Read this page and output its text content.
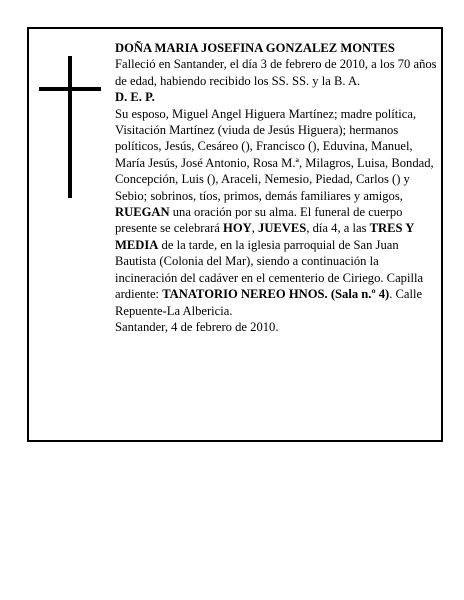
DOÑA MARIA JOSEFINA GONZALEZ MONTES

Falleció en Santander, el día 3 de febrero de 2010, a los 70 años de edad, habiendo recibido los SS. SS. y la B. A.

D. E. P.

Su esposo, Miguel Angel Higuera Martínez; madre política, Visitación Martínez (viuda de Jesús Higuera); hermanos políticos, Jesús, Cesáreo (), Francisco (), Eduvina, Manuel, María Jesús, José Antonio, Rosa M.ª, Milagros, Luisa, Bondad, Concepción, Luis (), Araceli, Nemesio, Piedad, Carlos () y Sebio; sobrinos, tíos, primos, demás familiares y amigos,

RUEGAN una oración por su alma. El funeral de cuerpo presente se celebrará HOY, JUEVES, día 4, a las TRES Y MEDIA de la tarde, en la iglesia parroquial de San Juan Bautista (Colonia del Mar), siendo a continuación la incineración del cadáver en el cementerio de Ciriego. Capilla ardiente: TANATORIO NEREO HNOS. (Sala n.º 4). Calle Repuente-La Albericia.

Santander, 4 de febrero de 2010.
